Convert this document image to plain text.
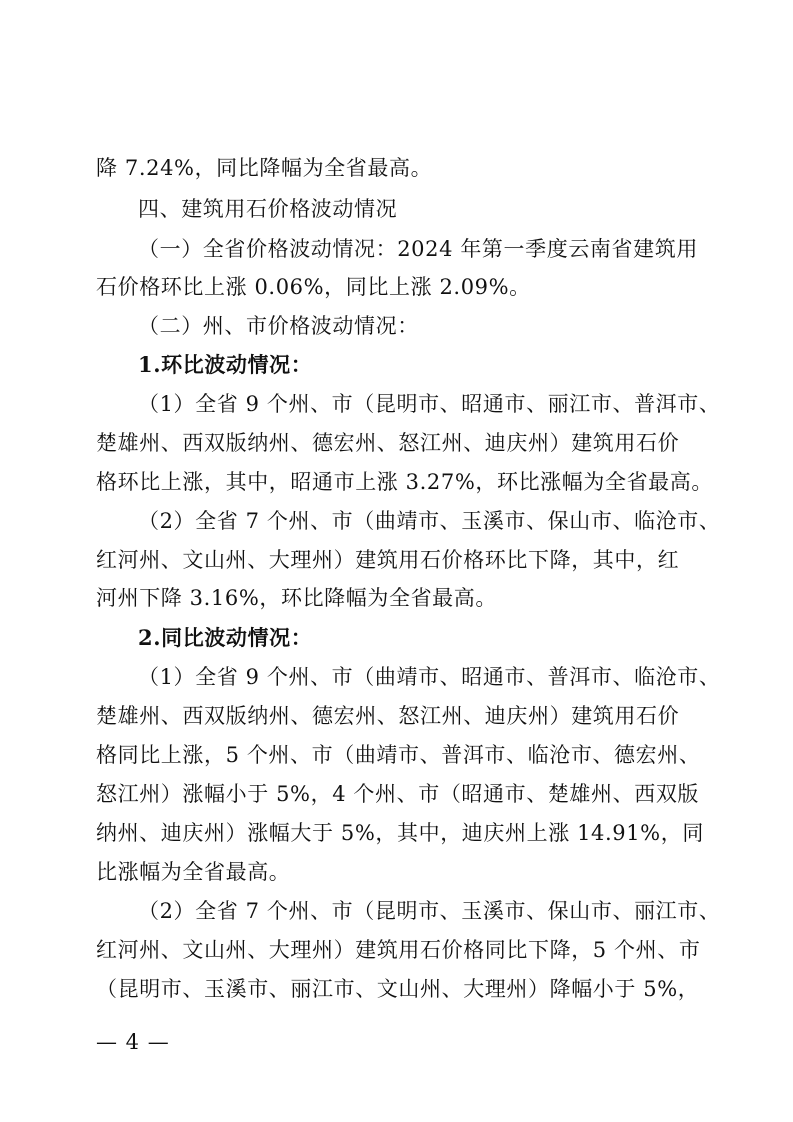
降 7.24%，同比降幅为全省最高。
四、建筑用石价格波动情况
（一）全省价格波动情况：2024 年第一季度云南省建筑用
石价格环比上涨 0.06%，同比上涨 2.09%。
（二）州、市价格波动情况：
1.环比波动情况：
（1）全省 9 个州、市（昆明市、昭通市、丽江市、普洱市、
楚雄州、西双版纳州、德宏州、怒江州、迪庆州）建筑用石价
格环比上涨，其中，昭通市上涨 3.27%，环比涨幅为全省最高。
（2）全省 7 个州、市（曲靖市、玉溪市、保山市、临沧市、
红河州、文山州、大理州）建筑用石价格环比下降，其中，红
河州下降 3.16%，环比降幅为全省最高。
2.同比波动情况：
（1）全省 9 个州、市（曲靖市、昭通市、普洱市、临沧市、
楚雄州、西双版纳州、德宏州、怒江州、迪庆州）建筑用石价
格同比上涨，5 个州、市（曲靖市、普洱市、临沧市、德宏州、
怒江州）涨幅小于 5%，4 个州、市（昭通市、楚雄州、西双版
纳州、迪庆州）涨幅大于 5%，其中，迪庆州上涨 14.91%，同
比涨幅为全省最高。
（2）全省 7 个州、市（昆明市、玉溪市、保山市、丽江市、
红河州、文山州、大理州）建筑用石价格同比下降，5 个州、市
（昆明市、玉溪市、丽江市、文山州、大理州）降幅小于 5%，
— 4 —
